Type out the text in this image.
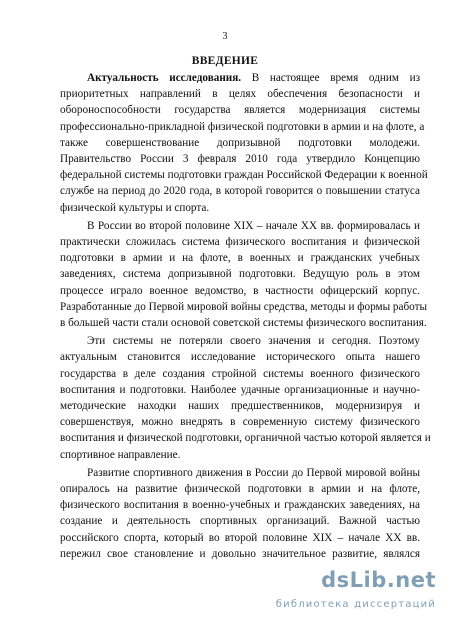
3
ВВЕДЕНИЕ
Актуальность исследования. В настоящее время одним из
приоритетных направлений в целях обеспечения безопасности и
обороноспособности государства является модернизация системы
профессионально-прикладной физической подготовки в армии и на флоте, а
также совершенствование допризывной подготовки молодежи.
Правительство России 3 февраля 2010 года утвердило Концепцию
федеральной системы подготовки граждан Российской Федерации к военной
службе на период до 2020 года, в которой говорится о повышении статуса
физической культуры и спорта.
В России во второй половине XIX – начале XX вв. формировалась и
практически сложилась система физического воспитания и физической
подготовки в армии и на флоте, в военных и гражданских учебных
заведениях, система допризывной подготовки. Ведущую роль в этом
процессе играло военное ведомство, в частности офицерский корпус.
Разработанные до Первой мировой войны средства, методы и формы работы
в большей части стали основой советской системы физического воспитания.
Эти системы не потеряли своего значения и сегодня. Поэтому
актуальным становится исследование исторического опыта нашего
государства в деле создания стройной системы военного физического
воспитания и подготовки. Наиболее удачные организационные и научно-
методические находки наших предшественников, модернизируя и
совершенствуя, можно внедрять в современную систему физического
воспитания и физической подготовки, органичной частью которой является и
спортивное направление.
Развитие спортивного движения в России до Первой мировой войны
опиралось на развитие физической подготовки в армии и на флоте,
физического воспитания в военно-учебных и гражданских заведениях, на
создание и деятельность спортивных организаций. Важной частью
российского спорта, который во второй половине XIX – начале XX вв.
пережил свое становление и довольно значительное развитие, являлся
dsLib.net
библиотека диссертаций
